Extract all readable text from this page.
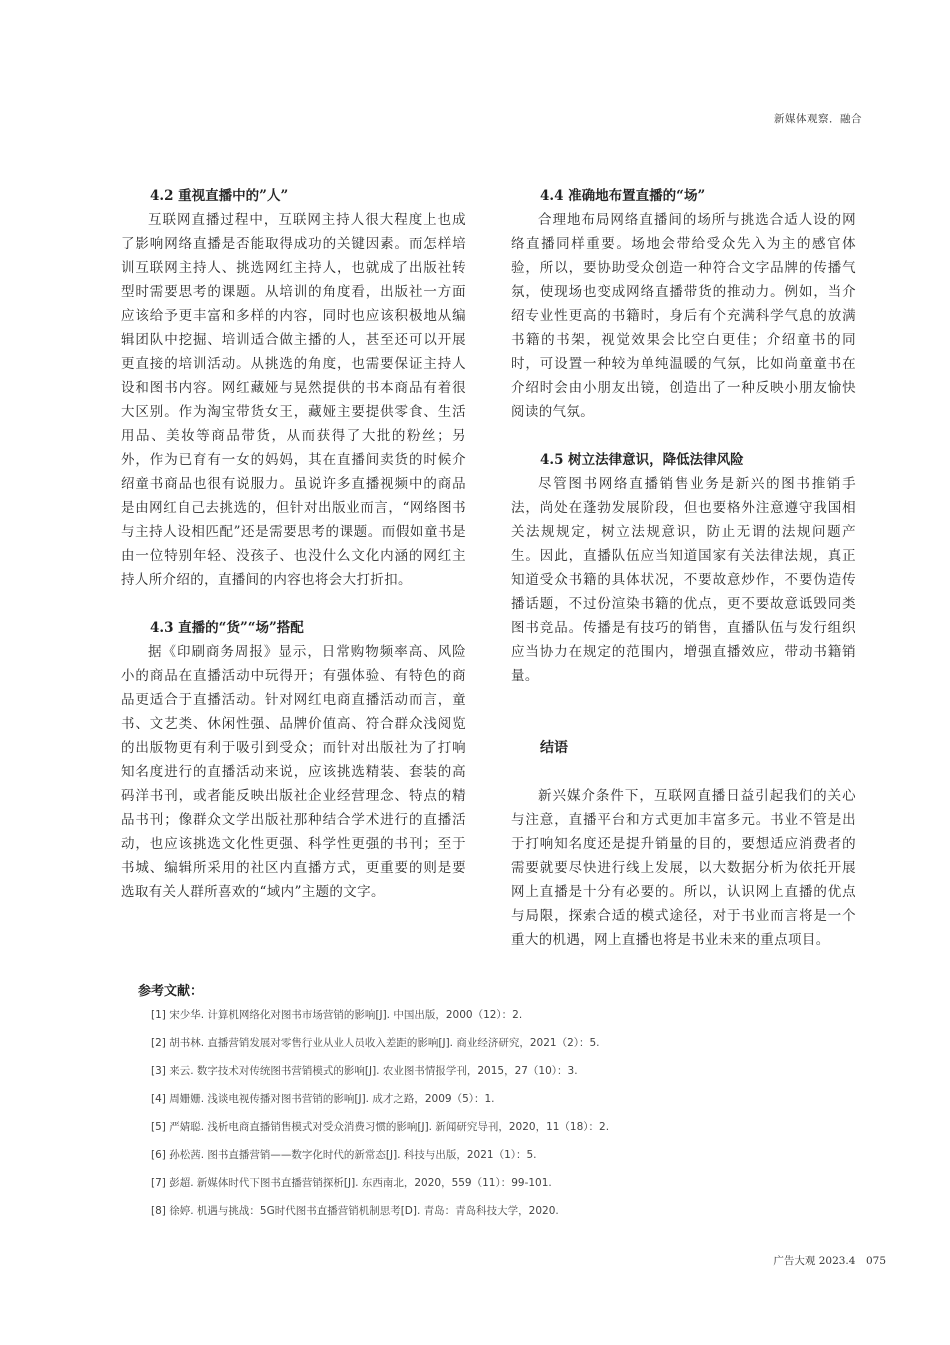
新媒体观察．融合
4.2 重视直播中的”人”

互联网直播过程中，互联网主持人很大程度上也成了影响网络直播是否能取得成功的关键因素。而怎样培训互联网主持人、挑选网红主持人，也就成了出版社转型时需要思考的课题。从培训的角度看，出版社一方面应该给予更丰富和多样的内容，同时也应该积极地从编辑团队中挖掘、培训适合做主播的人，甚至还可以开展更直接的培训活动。从挑选的角度，也需要保证主持人设和图书内容。网红藏娅与晃然提供的书本商品有着很大区别。作为淘宝带货女王，藏娅主要提供零食、生活用品、美妆等商品带货，从而获得了大批的粉丝；另外，作为已育有一女的妈妈，其在直播间卖货的时候介绍童书商品也很有说服力。虽说许多直播视频中的商品是由网红自己去挑选的，但针对出版业而言，“网络图书与主持人设相匹配”还是需要思考的课题。而假如童书是由一位特别年轻、没孩子、也没什么文化内涵的网红主持人所介绍的，直播间的内容也将会大打折扣。

4.3 直播的“货”“场”搭配

据《印刷商务周报》显示，日常购物频率高、风险小的商品在直播活动中玩得开；有强体验、有特色的商品更适合于直播活动。针对网红电商直播活动而言，童书、文艺类、休闲性强、品牌价值高、符合群众浅阅览的出版物更有利于吸引到受众；而针对出版社为了打响知名度进行的直播活动来说，应该挑选精装、套装的高码洋书刊，或者能反映出版社企业经营理念、特点的精品书刊；像群众文学出版社那种结合学术进行的直播活动，也应该挑选文化性更强、科学性更强的书刊；至于书城、编辑所采用的社区内直播方式，更重要的则是要选取有关人群所喜欢的“域内”主题的文字。

4.4 准确地布置直播的“场”

合理地布局网络直播间的场所与挑选合适人设的网络直播同样重要。场地会带给受众先入为主的感官体验，所以，要协助受众创造一种符合文字品牌的传播气氛，使现场也变成网络直播带货的推动力。例如，当介绍专业性更高的书籍时，身后有个充满科学气息的放满书籍的书架，视觉效果会比空白更佳；介绍童书的同时，可设置一种较为单纯温暖的气氛，比如尚童童书在介绍时会由小朋友出镜，创造出了一种反映小朋友愉快阅读的气氛。

4.5 树立法律意识，降低法律风险

尽管图书网络直播销售业务是新兴的图书推销手法，尚处在蓬勃发展阶段，但也要格外注意遵守我国相关法规规定，树立法规意识，防止无谓的法规问题产生。因此，直播队伍应当知道国家有关法律法规，真正知道受众书籍的具体状况，不要故意炒作，不要伪造传播话题，不过份渲染书籍的优点，更不要故意诋毁同类图书竞品。传播是有技巧的销售，直播队伍与发行组织应当协力在规定的范围内，增强直播效应，带动书籍销量。

结语

新兴媒介条件下，互联网直播日益引起我们的关心与注意，直播平台和方式更加丰富多元。书业不管是出于打响知名度还是提升销量的目的，要想适应消费者的需要就要尽快进行线上发展，以大数据分析为依托开展网上直播是十分有必要的。所以，认识网上直播的优点与局限，探索合适的模式途径，对于书业而言将是一个重大的机遇，网上直播也将是书业未来的重点项目。

参考文献：

[1] 宋少华. 计算机网络化对图书市场营销的影响[J]. 中国出版，2000（12）：2.

[2] 胡书林. 直播营销发展对零售行业从业人员收入差距的影响[J]. 商业经济研究，2021（2）：5.

[3] 来云. 数字技术对传统图书营销模式的影响[J]. 农业图书情报学刊，2015，27（10）：3.

[4] 周姗姗. 浅谈电视传播对图书营销的影响[J]. 成才之路，2009（5）：1.

[5] 严婧聪. 浅析电商直播销售模式对受众消费习惯的影响[J]. 新闻研究导刊，2020，11（18）：2.

[6] 孙松茜. 图书直播营销——数字化时代的新常态[J]. 科技与出版，2021（1）：5.

[7] 彭超. 新媒体时代下图书直播营销探析[J]. 东西南北，2020，559（11）：99-101.

[8] 徐婷. 机遇与挑战：5G时代图书直播营销机制思考[D]. 青岛：青岛科技大学，2020.

广告大观 2023.4　075
